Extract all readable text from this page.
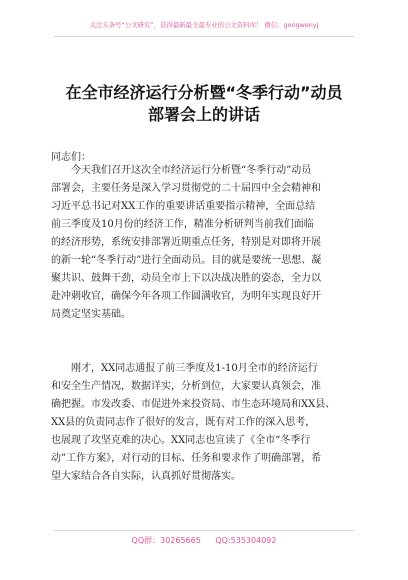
关注头条号“公文研究”，获得最新最全最专业的公文资料库！ 微信：gongwenyj
在全市经济运行分析暨“冬季行动”动员
部署会上的讲话
同志们：
　　今天我们召开这次全市经济运行分析暨“冬季行动”动员
部署会，主要任务是深入学习贯彻党的二十届四中全会精神和
习近平总书记对XX工作的重要讲话重要指示精神，全面总结
前三季度及10月份的经济工作，精准分析研判当前我们面临
的经济形势，系统安排部署近期重点任务，特别是对即将开展
的新一轮“冬季行动”进行全面动员。目的就是要统一思想、凝
聚共识、鼓舞干劲，动员全市上下以决战决胜的姿态，全力以
赴冲刺收官，确保今年各项工作圆满收官，为明年实现良好开
局奠定坚实基础。
　　刚才，XX同志通报了前三季度及1-10月全市的经济运行
和安全生产情况，数据详实，分析到位，大家要认真领会，准
确把握。市发改委、市促进外来投资局、市生态环境局和XX县、
XX县的负责同志作了很好的发言，既有对工作的深入思考，
也展现了攻坚克难的决心。XX同志也宣读了《全市“冬季行
动”工作方案》，对行动的目标、任务和要求作了明确部署，希
望大家结合各自实际，认真抓好贯彻落实。
QQ群：30265665 QQ:535304092
